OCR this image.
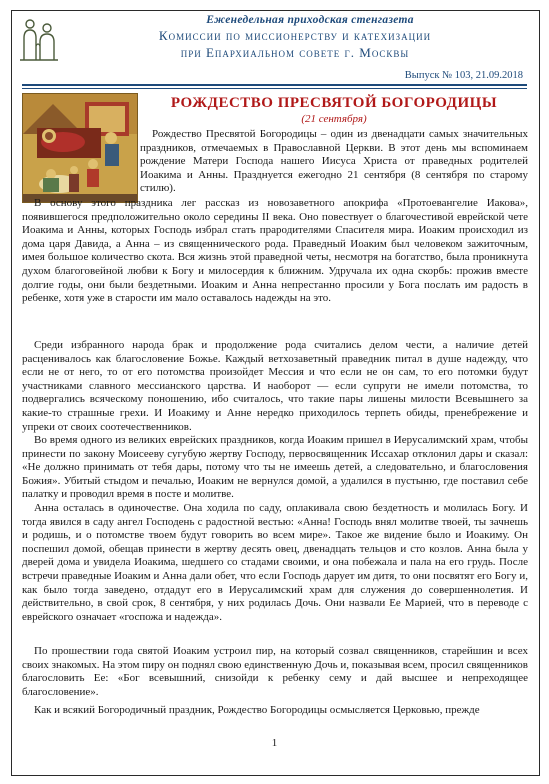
Еженедельная приходская стенгазета
Комиссии по миссионерству и катехизации
при Епархиальном совете г. Москвы
Выпуск № 103, 21.09.2018
РОЖДЕСТВО ПРЕСВЯТОЙ БОГОРОДИЦЫ
(21 сентября)
Рождество Пресвятой Богородицы – один из двенадцати самых значительных праздников, отмечаемых в Православной Церкви. В этот день мы вспоминаем рождение Матери Господа нашего Иисуса Христа от праведных родителей Иоакима и Анны. Празднуется ежегодно 21 сентября (8 сентября по старому стилю).
В основу этого праздника лег рассказ из новозаветного апокрифа «Протоевангелие Иакова», появившегося предположительно около середины II века. Оно повествует о благочестивой еврейской чете Иоакима и Анны, которых Господь избрал стать прародителями Спасителя мира. Иоаким происходил из дома царя Давида, а Анна – из священнического рода. Праведный Иоаким был человеком зажиточным, имея большое количество скота. Вся жизнь этой праведной четы, несмотря на богатство, была проникнута духом благоговейной любви к Богу и милосердия к ближним. Удручала их одна скорбь: прожив вместе долгие годы, они были бездетными. Иоаким и Анна непрестанно просили у Бога послать им радость в ребенке, хотя уже в старости им мало оставалось надежды на это.
Среди избранного народа брак и продолжение рода считались делом чести, а наличие детей расценивалось как благословение Божье. Каждый ветхозаветный праведник питал в душе надежду, что если не от него, то от его потомства произойдет Мессия и что если не он сам, то его потомки будут участниками славного мессианского царства. И наоборот — если супруги не имели потомства, то подвергались всяческому поношению, ибо считалось, что такие пары лишены милости Всевышнего за какие-то страшные грехи. И Иоакиму и Анне нередко приходилось терпеть обиды, пренебрежение и упреки от своих соотечественников.
Во время одного из великих еврейских праздников, когда Иоаким пришел в Иерусалимский храм, чтобы принести по закону Моисееву сугубую жертву Господу, первосвященник Иссахар отклонил дары и сказал: «Не должно принимать от тебя дары, потому что ты не имеешь детей, а следовательно, и благословения Божия». Убитый стыдом и печалью, Иоаким не вернулся домой, а удалился в пустыню, где поставил себе палатку и проводил время в посте и молитве.
Анна осталась в одиночестве. Она ходила по саду, оплакивала свою бездетность и молилась Богу. И тогда явился в саду ангел Господень с радостной вестью: «Анна! Господь внял молитве твоей, ты зачнешь и родишь, и о потомстве твоем будут говорить во всем мире». Такое же видение было и Иоакиму. Он поспешил домой, обещав принести в жертву десять овец, двенадцать тельцов и сто козлов. Анна была у дверей дома и увидела Иоакима, шедшего со стадами своими, и она побежала и пала на его грудь. После встречи праведные Иоаким и Анна дали обет, что если Господь дарует им дитя, то они посвятят его Богу и, как было тогда заведено, отдадут его в Иерусалимский храм для служения до совершеннолетия. И действительно, в свой срок, 8 сентября, у них родилась Дочь. Они назвали Ее Марией, что в переводе с еврейского означает «госпожа и надежда».
По прошествии года святой Иоаким устроил пир, на который созвал священников, старейшин и всех своих знакомых. На этом пиру он поднял свою единственную Дочь и, показывая всем, просил священников благословить Ее: «Бог всевышний, снизойди к ребенку сему и дай высшее и непреходящее благословение».
Как и всякий Богородичный праздник, Рождество Богородицы осмысляется Церковью, прежде
1
